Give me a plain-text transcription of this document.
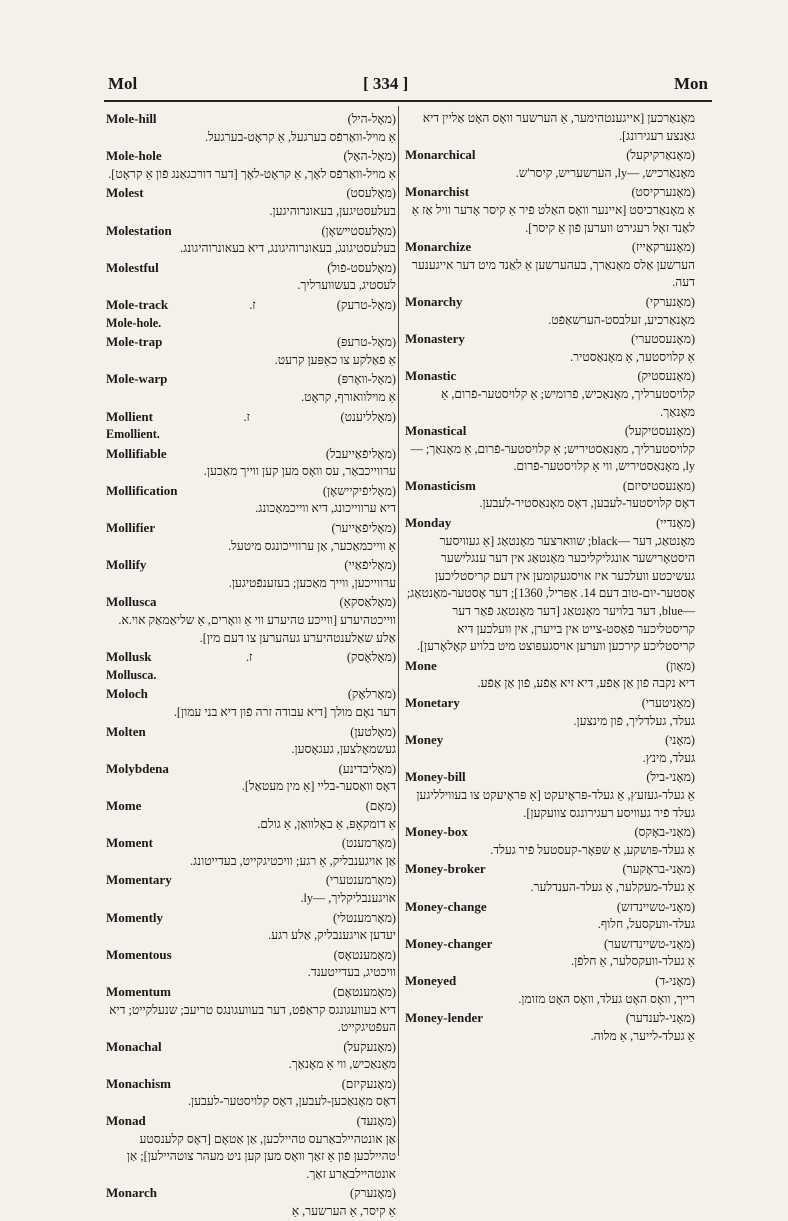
Mol	[ 334 ]	Mon
Mole-hill	(מאָל-היל)
אַ מויל-וואַרפֿס בערגעל, אַ קראָט-בערגעל.
Mole-hole	(מאָל-האָל)
אַ מויל-וואַרפֿס לאָך, אַ קראָט-לאָך [דער דורכגאַנג פֿון אַ קראָט].
Molest	(מאָלעסט)
בעלעסטיגען, בעאונרוהיגען.
Molestation	(מאָלעסטײשאָן)
בעלעסטיגונג, בעאונרוהיגונג, דיא בעאונרוהיגונג.
Molestful	(מאָלעסט-פֿול)
לעסטיג, בעשווערליך.
Mole-track	ז.	(מאָל-טרעק)
Mole-hole.
Mole-trap	(מאָל-טרעפּ)
אַ פֿאַלקע צו כאַפּען קרעט.
Mole-warp	(מאָל-וואָרפּ)
אַ מוילוואורף, קראָט.
Mollient	ז.	(מאָלליענט)
Emollient.
Mollifiable	(מאָליפֿאַייעבל)
ערווייכבאַר, עס וואָס מען קען ווייך מאַכען.
Mollification	(מאָליפֿיקיישאָן)
דיא ערווייכונג, דיא ווייכמאַכונג.
Mollifier	(מאָליפֿאַייער)
אַ ווייכמאַכער, אַן ערווייכונגס מיטעל.
Mollify	(מאָליפֿאַיי)
ערווייכען, ווייך מאַכען; בעזענפֿטיגען.
Mollusca	(מאָלאַסקאַ)
ווייכטהיערע [ווייכע טהיערע ווי אַ וואָרים, אַ שליאַמאַק אוי.א. אַלע שאַלענטהיערע געהערען צו דעם מין].
Mollusk	ז.	(מאָלאָסק)
Mollusca.
Moloch	(מאָרלאָק)
דער נאָם מולך [דיא עבודה זרה פֿון דיא בני עמון].
Molten	(מאָלטען)
געשמאָלצען, געגאָסען.
Molybdena	(מאָליבדינע)
דאָס וואַסער-בליי [אַ מין מעטאַל].
Mome	(מאָם)
אַ דומקאָפּ, אַ באָלוואַן, אַ גולם.
Moment	(מאָרמענט)
אַן אויגענבליק, אַ רגע; וויכטיגקייט, בעדייטונג.
Momentary	(מאָרמענטערי)
אויגענבליקליך, —ly.
Momently	(מאָרמענטלי)
יעדען אויגענבליק, אַלע רגע.
Momentous	(מאָמענטאָס)
וויכטיג, בעדייטענד.
Momentum	(מאָמענטאָם)
דיא בעוועגונגס קראַפֿט, דער בעוועגונגס טריעב; שנעלקייט; דיא העפֿטיגקייט.
Monachal	(מאָנעקעל)
מאָנאַכיש, ווי אַ מאָנאַך.
Monachism	(מאָנעקיזם)
דאָס מאָנאַכען-לעבען, דאָס קלויסטער-לעבען.
Monad	(מאָנעד)
אַן אונטהיילבאַרעס טהיילכען, אַן אַטאָם [דאָס קלענסטע טהיילכען פֿון אַ זאַך וואָס מען קען ניט מעהר צוטהיילען]; אַן אונטהיילבאַרע זאַך.
Monarch	(מאָנערק)
אַ קיסר, אַ הערשער, אַ
מאָנאַרכען [אייגענטהימער, אַ הערשער וואָס האָט אַליין דיא גאַנצע רעגירונג].
Monarchical	(מאָנאַרקיקעל)
מאָנאַרכיש, —ly, הערשעריש, קיסר'ש.
Monarchist	(מאָנערקיסט)
אַ מאָנאַרכיסט [איינער וואָס האַלט פֿיר אַ קיסר אָדער וויל אַז אַ לאַנד זאָל רעגירט ווערען פֿון אַ קיסר].
Monarchize	(מאָנערקאַייז)
הערשען אַלס מאָנאַרך, בעהערשען אַ לאַנד מיט דער אייגענער דעה.
Monarchy	(מאָנערקי)
מאָנאַרכיע, זעלבסט-הערשאַפֿט.
Monastery	(מאָנעסטערי)
אַ קלויסטער, אַ מאָנאַסטיר.
Monastic	(מאָנעסטיק)
קלויסטערליך, מאָנאַכיש, פֿרומיש; אַ קלויסטער-פֿרום, אַ מאָנאַך.
Monastical	(מאָנעסטיקעל)
קלויסטערליך, מאָנאַסטיריש; אַ קלויסטער-פֿרום, אַ מאָנאַך; —ly, מאָנאַסטיריש, ווי אַ קלויסטער-פֿרום.
Monasticism	(מאָנעסטיסיזם)
דאָס קלויסטער-לעבען, דאָס מאָנאַסטיר-לעבען.
Monday	(מאָנדיי)
מאָנטאַג, דער —black; שווארצער מאָנטאַג [אַ געוויסער היסטאָרישער אונגליקליכער מאָנטאַג אין דער ענגלישער געשיכטע וועלכער איז אויסגעקומען אין דעם קריסטליכען אָסטער-יום-טוב דעם 14. אַפּריל, 1360]; דער אָסטער-מאָנטאַג; —blue, דער בלויער מאָנטאַג [דער מאָנטאַג פֿאַר דער קריסטליכער פֿאַסט-צייט אין בייערן, אין וועלכען דיא קריסטליכע קירכען ווערען אויסגעפוצט מיט בלויע קאָלאָרען].
Mone	(מאָון)
דיא נקבה פֿון אַן אַפֿע, דיא זיא אַפֿע, פֿון אַן אַפֿע.
Monetary	(מאָניטערי)
געלד, געלדליך, פֿון מינצען.
Money	(מאָני)
געלד, מינץ.
Money-bill	(מאָני-ביל)
אַ געלד-געזעץ, אַ געלד-פּראָיעקט [אַ פּראָיעקט צו בעווילליגען געלד פֿיר געוויסע רעגירונגס צוועקען].
Money-box	(מאָני-באָקס)
אַ געלד-פּושקע, אַ שפּאָר-קעסטעל פֿיר געלד.
Money-broker	(מאָני-בראָקער)
אַ געלד-מעקלער, אַ געלד-הענדלער.
Money-change	(מאָני-טשיינדזש)
געלד-וועקסעל, חלוף.
Money-changer	(מאָני-טשיינדזשער)
אַ געלד-וועקסלער, אַ חלפֿן.
Moneyed	(מאָני-ד)
רייך, וואָס האָט געלד, וואָס האָט מזומן.
Money-lender	(מאָני-לענדער)
אַ געלד-לייער, אַ מלוה.
